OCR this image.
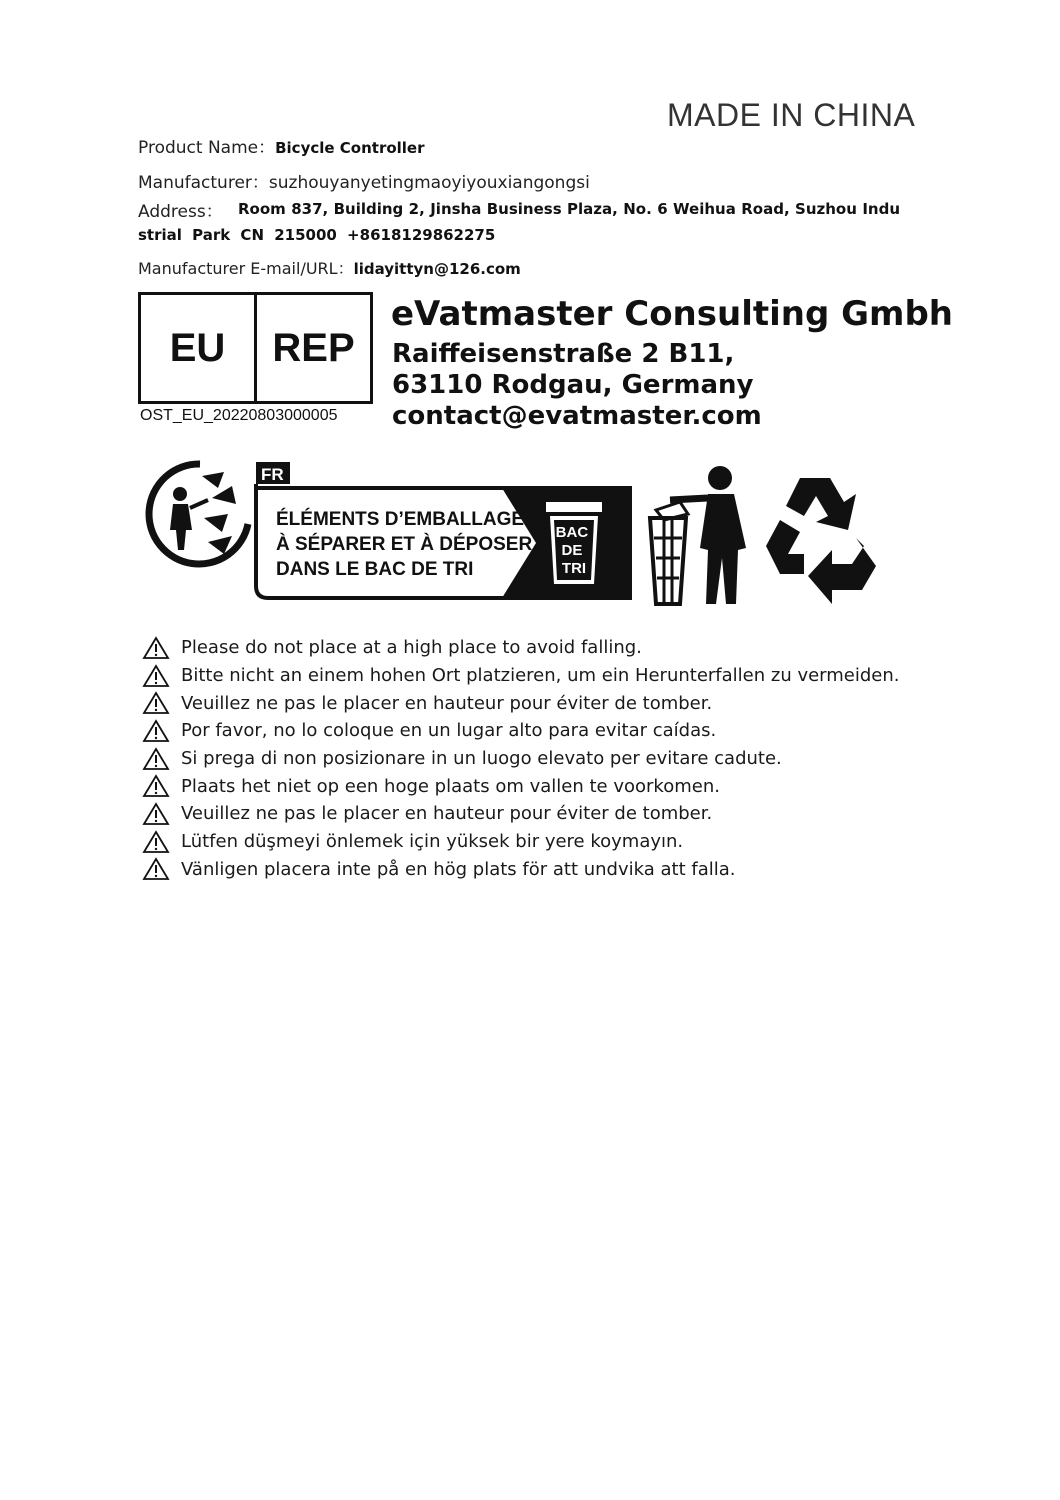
MADE IN CHINA
Product Name：Bicycle Controller
Manufacturer：suzhouyanyetingmaoyiyouxiangongsi
Address：	Room 837, Building 2, Jinsha Business Plaza, No. 6 Weihua Road, Suzhou Indu
strial Park CN 215000 +8618129862275
Manufacturer E-mail/URL：lidayittyn@126.com
EU	REP
OST_EU_20220803000005
eVatmaster Consulting Gmbh
Raiffeisenstraße 2 B11,
63110 Rodgau, Germany
contact@evatmaster.com
FR
ÉLÉMENTS D’EMBALLAGE À SÉPARER ET À DÉPOSER DANS LE BAC DE TRI
BAC DE TRI
Please do not place at a high place to avoid falling.
Bitte nicht an einem hohen Ort platzieren, um ein Herunterfallen zu vermeiden.
Veuillez ne pas le placer en hauteur pour éviter de tomber.
Por favor, no lo coloque en un lugar alto para evitar caídas.
Si prega di non posizionare in un luogo elevato per evitare cadute.
Plaats het niet op een hoge plaats om vallen te voorkomen.
Veuillez ne pas le placer en hauteur pour éviter de tomber.
Lütfen düşmeyi önlemek için yüksek bir yere koymayın.
Vänligen placera inte på en hög plats för att undvika att falla.
